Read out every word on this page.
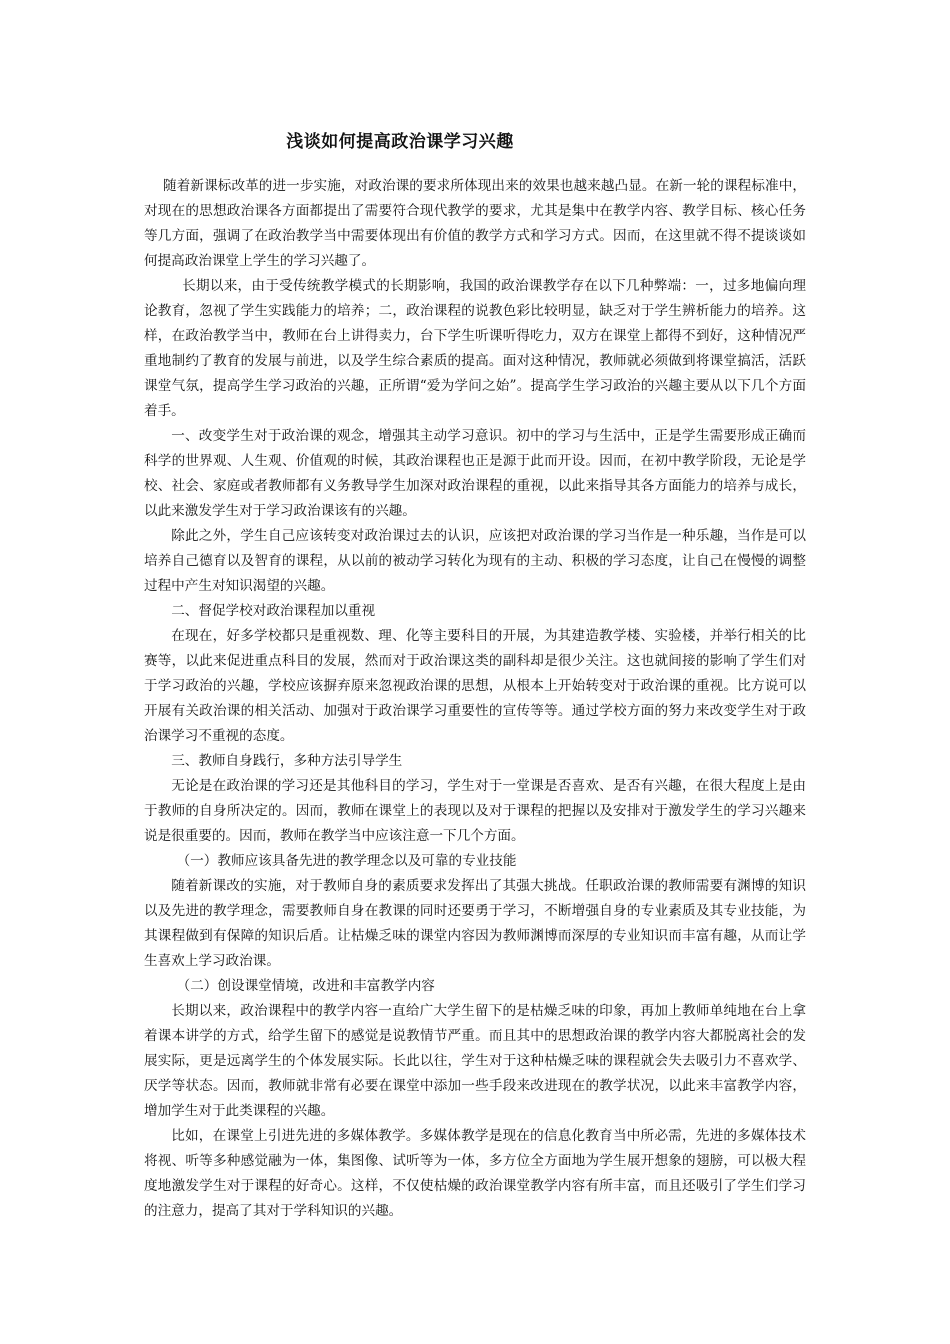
浅谈如何提高政治课学习兴趣

随着新课标改革的进一步实施，对政治课的要求所体现出来的效果也越来越凸显。在新一轮的课程标准中，对现在的思想政治课各方面都提出了需要符合现代教学的要求，尤其是集中在教学内容、教学目标、核心任务等几方面，强调了在政治教学当中需要体现出有价值的教学方式和学习方式。因而，在这里就不得不提谈谈如何提高政治课堂上学生的学习兴趣了。

长期以来，由于受传统教学模式的长期影响，我国的政治课教学存在以下几种弊端：一，过多地偏向理论教育，忽视了学生实践能力的培养；二，政治课程的说教色彩比较明显，缺乏对于学生辨析能力的培养。这样，在政治教学当中，教师在台上讲得卖力，台下学生听课听得吃力，双方在课堂上都得不到好，这种情况严重地制约了教育的发展与前进，以及学生综合素质的提高。面对这种情况，教师就必须做到将课堂搞活，活跃课堂气氛，提高学生学习政治的兴趣，正所谓“爱为学问之始”。提高学生学习政治的兴趣主要从以下几个方面着手。

一、改变学生对于政治课的观念，增强其主动学习意识。初中的学习与生活中，正是学生需要形成正确而科学的世界观、人生观、价值观的时候，其政治课程也正是源于此而开设。因而，在初中教学阶段，无论是学校、社会、家庭或者教师都有义务教导学生加深对政治课程的重视，以此来指导其各方面能力的培养与成长，以此来激发学生对于学习政治课该有的兴趣。

除此之外，学生自己应该转变对政治课过去的认识，应该把对政治课的学习当作是一种乐趣，当作是可以培养自己德育以及智育的课程，从以前的被动学习转化为现有的主动、积极的学习态度，让自己在慢慢的调整过程中产生对知识渴望的兴趣。

二、督促学校对政治课程加以重视

在现在，好多学校都只是重视数、理、化等主要科目的开展，为其建造教学楼、实验楼，并举行相关的比赛等，以此来促进重点科目的发展，然而对于政治课这类的副科却是很少关注。这也就间接的影响了学生们对于学习政治的兴趣，学校应该摒弃原来忽视政治课的思想，从根本上开始转变对于政治课的重视。比方说可以开展有关政治课的相关活动、加强对于政治课学习重要性的宣传等等。通过学校方面的努力来改变学生对于政治课学习不重视的态度。

三、教师自身践行，多种方法引导学生

无论是在政治课的学习还是其他科目的学习，学生对于一堂课是否喜欢、是否有兴趣，在很大程度上是由于教师的自身所决定的。因而，教师在课堂上的表现以及对于课程的把握以及安排对于激发学生的学习兴趣来说是很重要的。因而，教师在教学当中应该注意一下几个方面。

（一）教师应该具备先进的教学理念以及可靠的专业技能

随着新课改的实施，对于教师自身的素质要求发挥出了其强大挑战。任职政治课的教师需要有渊博的知识以及先进的教学理念，需要教师自身在教课的同时还要勇于学习，不断增强自身的专业素质及其专业技能，为其课程做到有保障的知识后盾。让枯燥乏味的课堂内容因为教师渊博而深厚的专业知识而丰富有趣，从而让学生喜欢上学习政治课。

（二）创设课堂情境，改进和丰富教学内容

长期以来，政治课程中的教学内容一直给广大学生留下的是枯燥乏味的印象，再加上教师单纯地在台上拿着课本讲学的方式，给学生留下的感觉是说教情节严重。而且其中的思想政治课的教学内容大都脱离社会的发展实际，更是远离学生的个体发展实际。长此以往，学生对于这种枯燥乏味的课程就会失去吸引力不喜欢学、厌学等状态。因而，教师就非常有必要在课堂中添加一些手段来改进现在的教学状况，以此来丰富教学内容，增加学生对于此类课程的兴趣。

比如，在课堂上引进先进的多媒体教学。多媒体教学是现在的信息化教育当中所必需，先进的多媒体技术将视、听等多种感觉融为一体，集图像、试听等为一体，多方位全方面地为学生展开想象的翅膀，可以极大程度地激发学生对于课程的好奇心。这样，不仅使枯燥的政治课堂教学内容有所丰富，而且还吸引了学生们学习的注意力，提高了其对于学科知识的兴趣。
